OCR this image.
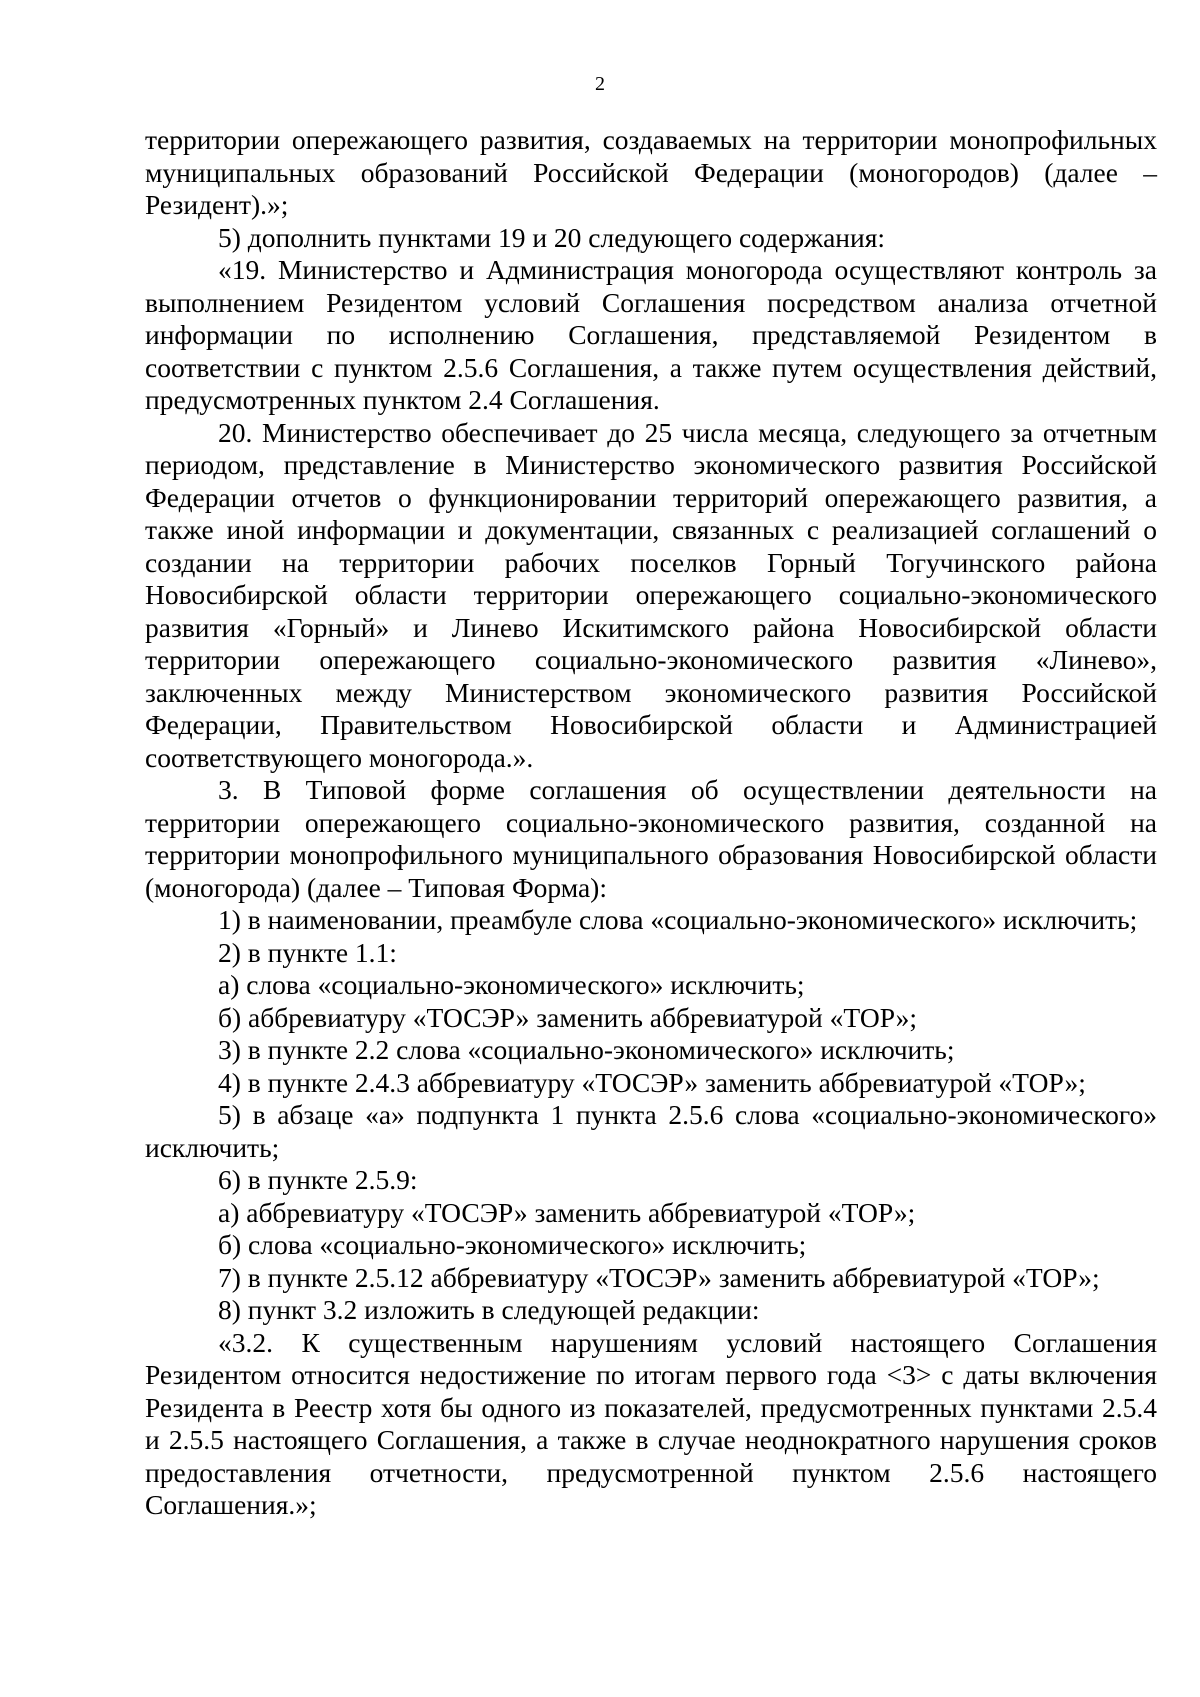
2

территории опережающего развития, создаваемых на территории монопрофильных муниципальных образований Российской Федерации (моногородов) (далее – Резидент).»;

5) дополнить пунктами 19 и 20 следующего содержания:

«19. Министерство и Администрация моногорода осуществляют контроль за выполнением Резидентом условий Соглашения посредством анализа отчетной информации по исполнению Соглашения, представляемой Резидентом в соответствии с пунктом 2.5.6 Соглашения, а также путем осуществления действий, предусмотренных пунктом 2.4 Соглашения.

20. Министерство обеспечивает до 25 числа месяца, следующего за отчетным периодом, представление в Министерство экономического развития Российской Федерации отчетов о функционировании территорий опережающего развития, а также иной информации и документации, связанных с реализацией соглашений о создании на территории рабочих поселков Горный Тогучинского района Новосибирской области территории опережающего социально-экономического развития «Горный» и Линево Искитимского района Новосибирской области территории опережающего социально-экономического развития «Линево», заключенных между Министерством экономического развития Российской Федерации, Правительством Новосибирской области и Администрацией соответствующего моногорода.».

3. В Типовой форме соглашения об осуществлении деятельности на территории опережающего социально-экономического развития, созданной на территории монопрофильного муниципального образования Новосибирской области (моногорода) (далее – Типовая Форма):

1) в наименовании, преамбуле слова «социально-экономического» исключить;

2) в пункте 1.1:

а) слова «социально-экономического» исключить;

б) аббревиатуру «ТОСЭР» заменить аббревиатурой «ТОР»;

3) в пункте 2.2 слова «социально-экономического» исключить;

4) в пункте 2.4.3 аббревиатуру «ТОСЭР» заменить аббревиатурой «ТОР»;

5) в абзаце «а» подпункта 1 пункта 2.5.6 слова «социально-экономического» исключить;

6) в пункте 2.5.9:

а) аббревиатуру «ТОСЭР» заменить аббревиатурой «ТОР»;

б) слова «социально-экономического» исключить;

7) в пункте 2.5.12 аббревиатуру «ТОСЭР» заменить аббревиатурой «ТОР»;

8) пункт 3.2 изложить в следующей редакции:

«3.2. К существенным нарушениям условий настоящего Соглашения Резидентом относится недостижение по итогам первого года <3> с даты включения Резидента в Реестр хотя бы одного из показателей, предусмотренных пунктами 2.5.4 и 2.5.5 настоящего Соглашения, а также в случае неоднократного нарушения сроков предоставления отчетности, предусмотренной пунктом 2.5.6 настоящего Соглашения.»;
